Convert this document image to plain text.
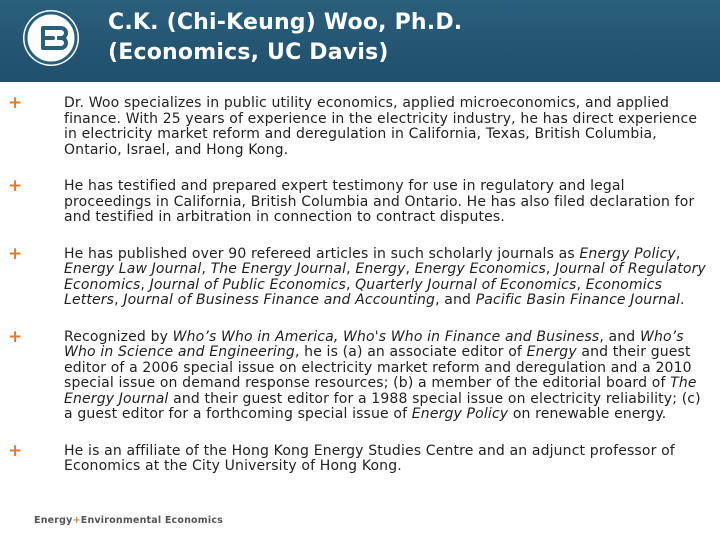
C.K. (Chi-Keung) Woo, Ph.D.
(Economics, UC Davis)
+	Dr. Woo specializes in public utility economics, applied microeconomics, and applied finance. With 25 years of experience in the electricity industry, he has direct experience in electricity market reform and deregulation in California, Texas, British Columbia, Ontario, Israel, and Hong Kong.

+	He has testified and prepared expert testimony for use in regulatory and legal proceedings in California, British Columbia and Ontario. He has also filed declaration for and testified in arbitration in connection to contract disputes.

+	He has published over 90 refereed articles in such scholarly journals as Energy Policy, Energy Law Journal, The Energy Journal, Energy, Energy Economics, Journal of Regulatory Economics, Journal of Public Economics, Quarterly Journal of Economics, Economics Letters, Journal of Business Finance and Accounting, and Pacific Basin Finance Journal.

+	Recognized by Who’s Who in America, Who's Who in Finance and Business, and Who’s Who in Science and Engineering, he is (a) an associate editor of Energy and their guest editor of a 2006 special issue on electricity market reform and deregulation and a 2010 special issue on demand response resources; (b) a member of the editorial board of The Energy Journal and their guest editor for a 1988 special issue on electricity reliability; (c) a guest editor for a forthcoming special issue of Energy Policy on renewable energy.

+	He is an affiliate of the Hong Kong Energy Studies Centre and an adjunct professor of Economics at the City University of Hong Kong.

Energy+Environmental Economics
